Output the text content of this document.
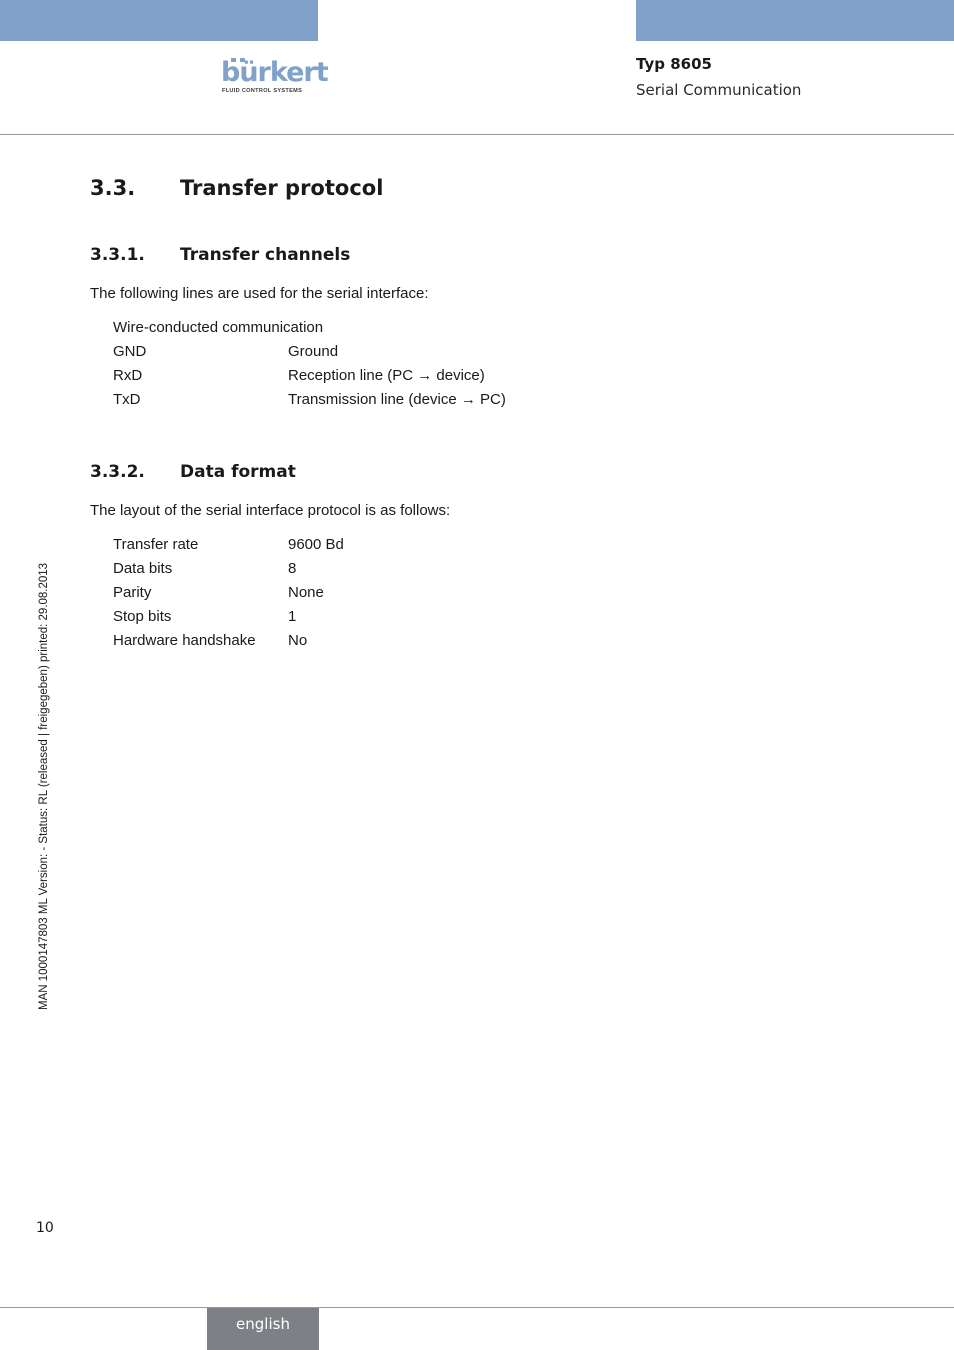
bürkert
FLUID CONTROL SYSTEMS
Typ 8605
Serial Communication
3.3. Transfer protocol
3.3.1. Transfer channels
The following lines are used for the serial interface:
Wire-conducted communication
GND	Ground
RxD	Reception line (PC → device)
TxD	Transmission line (device → PC)
3.3.2. Data format
The layout of the serial interface protocol is as follows:
Transfer rate	9600 Bd
Data bits	8
Parity	None
Stop bits	1
Hardware handshake No
MAN 1000147803 ML Version: - Status: RL (released | freigegeben) printed: 29.08.2013
10
english
